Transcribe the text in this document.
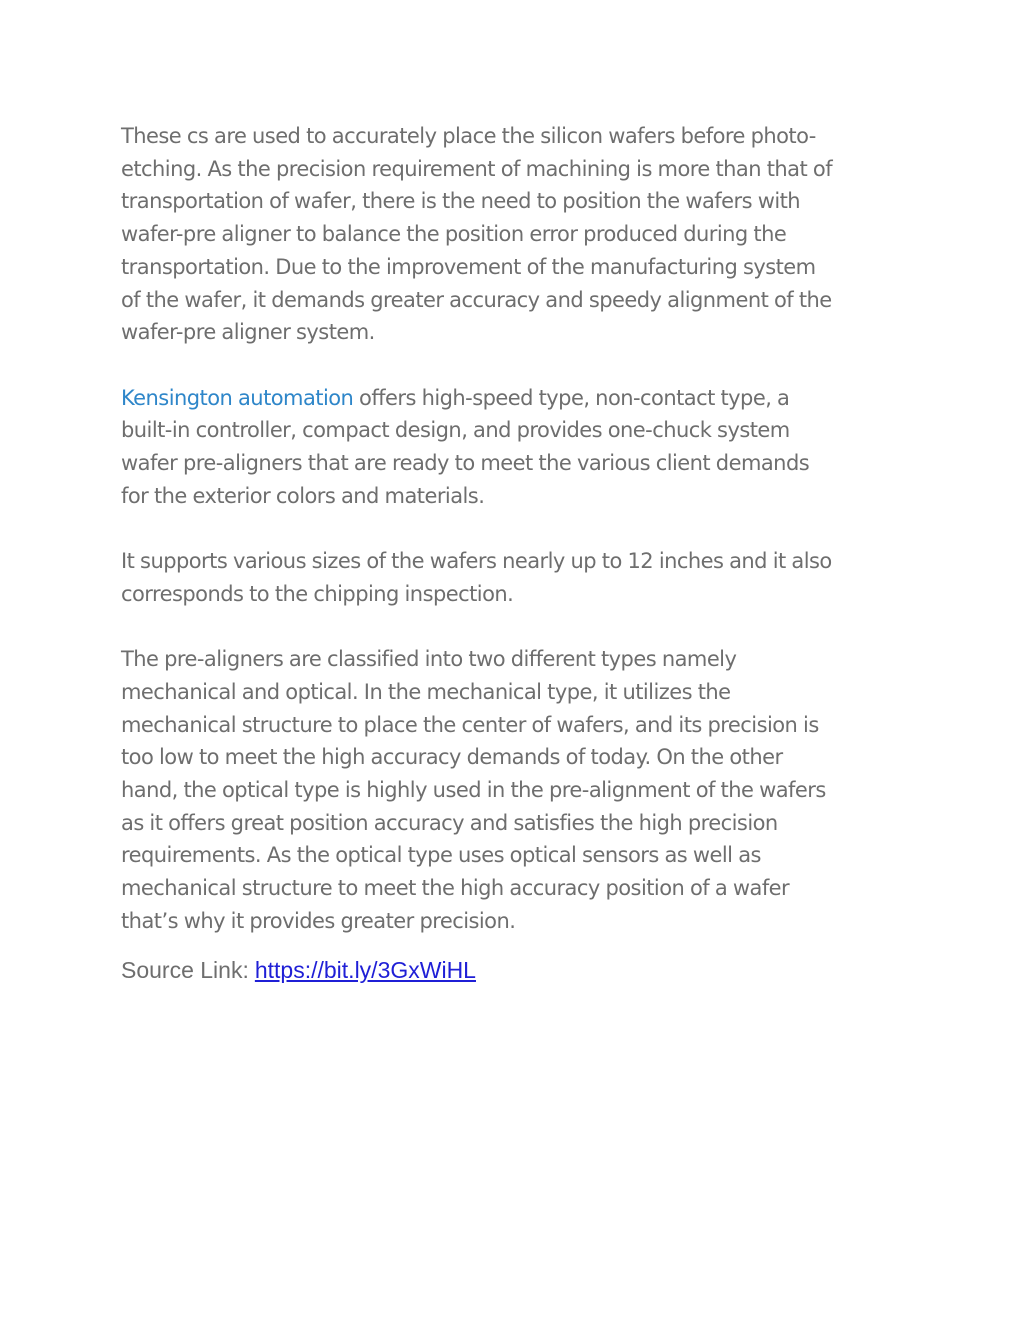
These cs are used to accurately place the silicon wafers before photo-
etching. As the precision requirement of machining is more than that of
transportation of wafer, there is the need to position the wafers with
wafer-pre aligner to balance the position error produced during the
transportation. Due to the improvement of the manufacturing system
of the wafer, it demands greater accuracy and speedy alignment of the
wafer-pre aligner system.

Kensington automation offers high-speed type, non-contact type, a
built-in controller, compact design, and provides one-chuck system
wafer pre-aligners that are ready to meet the various client demands
for the exterior colors and materials.

It supports various sizes of the wafers nearly up to 12 inches and it also
corresponds to the chipping inspection.

The pre-aligners are classified into two different types namely
mechanical and optical. In the mechanical type, it utilizes the
mechanical structure to place the center of wafers, and its precision is
too low to meet the high accuracy demands of today. On the other
hand, the optical type is highly used in the pre-alignment of the wafers
as it offers great position accuracy and satisfies the high precision
requirements. As the optical type uses optical sensors as well as
mechanical structure to meet the high accuracy position of a wafer
that’s why it provides greater precision.

Source Link: https://bit.ly/3GxWiHL
